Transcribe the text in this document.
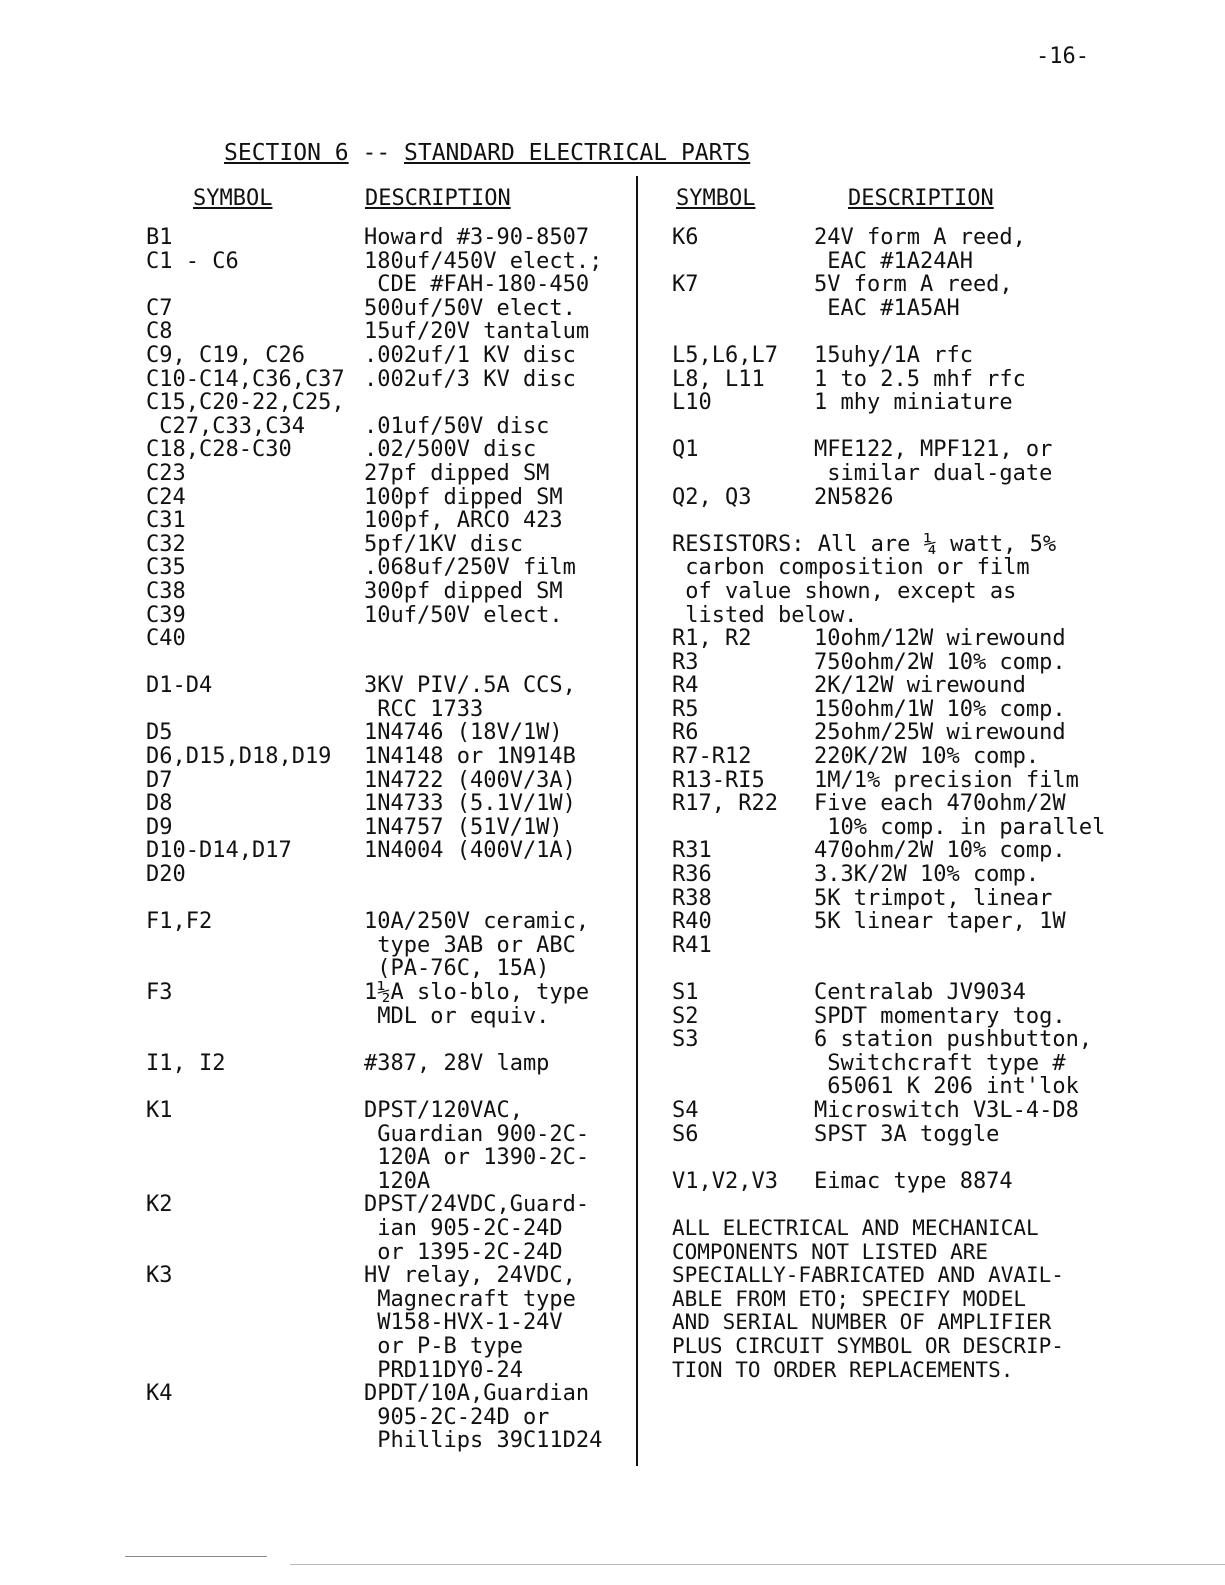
-16-
SECTION 6 -- STANDARD ELECTRICAL PARTS
SYMBOL	DESCRIPTION	SYMBOL	DESCRIPTION
B1	Howard #3-90-8507
C1 - C6	180uf/450V elect.;
CDE #FAH-180-450
C7	500uf/50V elect.
C8	15uf/20V tantalum
C9, C19, C26	.002uf/1 KV disc
C10-C14,C36,C37 .002uf/3 KV disc
C15,C20-22,C25,

C27,C33,C34	.01uf/50V disc
C18,C28-C30	.02/500V disc
C23	27pf dipped SM
C24	100pf dipped SM
C31	100pf, ARCO 423
C32	5pf/1KV disc
C35	.068uf/250V film
C38	300pf dipped SM
C39	10uf/50V elect.
C40

D1-D4	3KV PIV/.5A CCS,
RCC 1733
D5	1N4746 (18V/1W)
D6,D15,D18,D19	1N4148 or 1N914B
D7	1N4722 (400V/3A)
D8	1N4733 (5.1V/1W)
D9	1N4757 (51V/1W)
D10-D14,D17	1N4004 (400V/1A)
D20

F1,F2	10A/250V ceramic,
type 3AB or ABC
(PA-76C, 15A)
F3	1½A slo-blo, type
MDL or equiv.
I1, I2	#387, 28V lamp
K1	DPST/120VAC,
Guardian 900-2C-
120A or 1390-2C-
120A
K2	DPST/24VDC,Guard-
ian 905-2C-24D
or 1395-2C-24D
K3	HV relay, 24VDC,
Magnecraft type
W158-HVX-1-24V
or P-B type
PRD11DY0-24
K4	DPDT/10A,Guardian
905-2C-24D or
Phillips 39C11D24
K6	24V form A reed,
EAC #1A24AH
K7	5V form A reed,
EAC #1A5AH
L5,L6,L7	15uhy/1A rfc
L8, L11	1 to 2.5 mhf rfc
L10	1 mhy miniature
Q1	MFE122, MPF121, or
similar dual-gate
Q2, Q3	2N5826
RESISTORS: All are ¼ watt, 5%
carbon composition or film
of value shown, except as
listed below.
R1, R2	10ohm/12W wirewound
R3	750ohm/2W 10% comp.
R4	2K/12W wirewound
R5	150ohm/1W 10% comp.
R6	25ohm/25W wirewound
R7-R12	220K/2W 10% comp.
R13-RI5	1M/1% precision film
R17, R22	Five each 470ohm/2W
10% comp. in parallel
R31	470ohm/2W 10% comp.
R36	3.3K/2W 10% comp.
R38	5K trimpot, linear
R40	5K linear taper, 1W
R41

S1	Centralab JV9034
S2	SPDT momentary tog.
S3	6 station pushbutton,
Switchcraft type #
65061 K 206 int'lok
S4	Microswitch V3L-4-D8
S6	SPST 3A toggle
V1,V2,V3	Eimac type 8874
ALL ELECTRICAL AND MECHANICAL
COMPONENTS NOT LISTED ARE
SPECIALLY-FABRICATED AND AVAIL-
ABLE FROM ETO; SPECIFY MODEL
AND SERIAL NUMBER OF AMPLIFIER
PLUS CIRCUIT SYMBOL OR DESCRIP-
TION TO ORDER REPLACEMENTS.
